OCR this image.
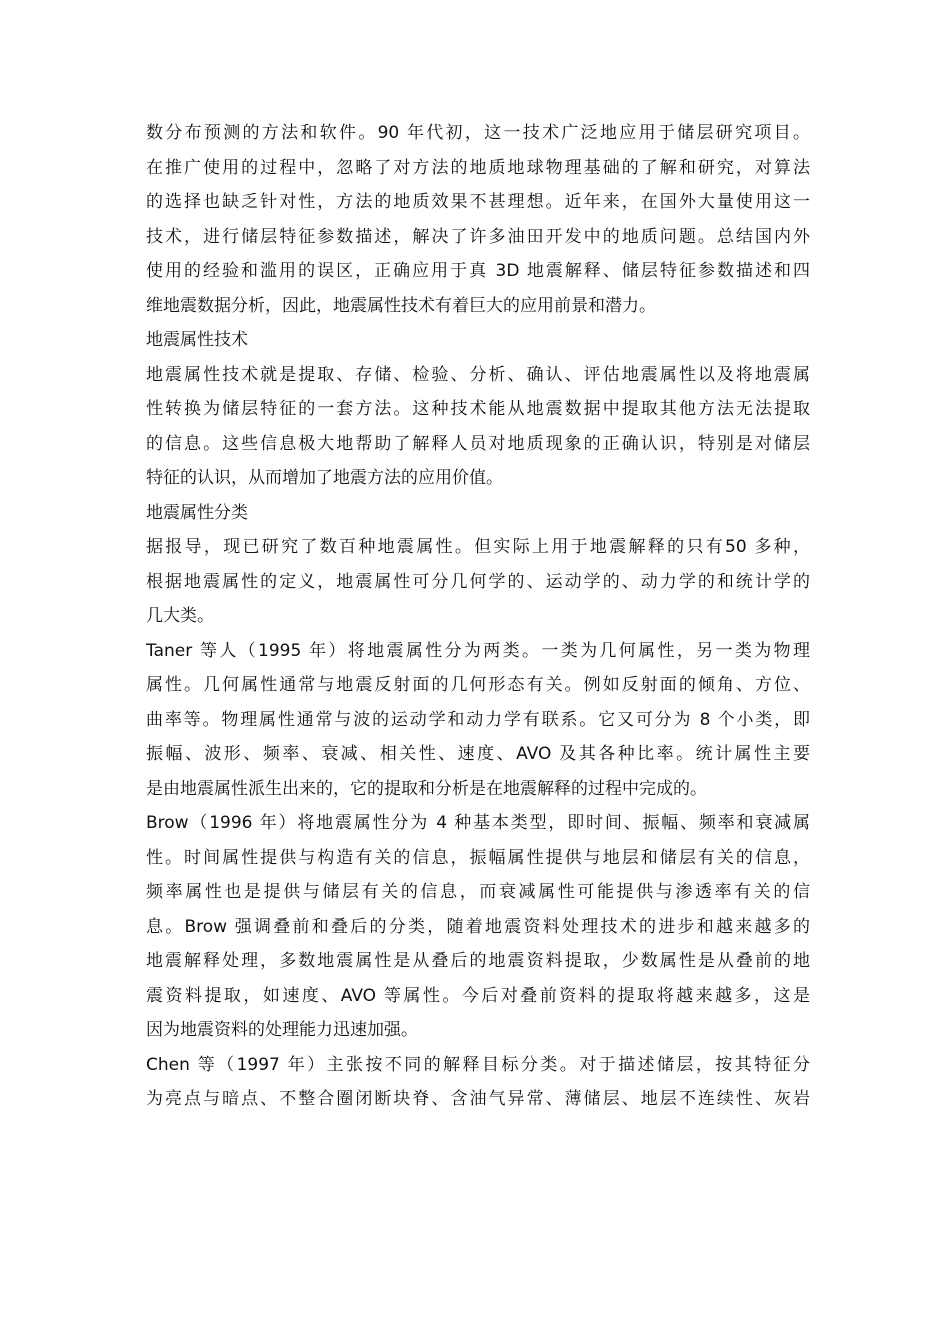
数分布预测的方法和软件。90 年代初，这一技术广泛地应用于储层研究项目。
在推广使用的过程中，忽略了对方法的地质地球物理基础的了解和研究，对算法
的选择也缺乏针对性，方法的地质效果不甚理想。近年来，在国外大量使用这一
技术，进行储层特征参数描述，解决了许多油田开发中的地质问题。总结国内外
使用的经验和滥用的误区，正确应用于真 3D 地震解释、储层特征参数描述和四
维地震数据分析，因此，地震属性技术有着巨大的应用前景和潜力。
地震属性技术
地震属性技术就是提取、存储、检验、分析、确认、评估地震属性以及将地震属
性转换为储层特征的一套方法。这种技术能从地震数据中提取其他方法无法提取
的信息。这些信息极大地帮助了解释人员对地质现象的正确认识，特别是对储层
特征的认识，从而增加了地震方法的应用价值。
地震属性分类
据报导，现已研究了数百种地震属性。但实际上用于地震解释的只有50 多种，
根据地震属性的定义，地震属性可分几何学的、运动学的、动力学的和统计学的
几大类。
Taner 等人（1995 年）将地震属性分为两类。一类为几何属性，另一类为物理
属性。几何属性通常与地震反射面的几何形态有关。例如反射面的倾角、方位、
曲率等。物理属性通常与波的运动学和动力学有联系。它又可分为 8 个小类，即
振幅、波形、频率、衰减、相关性、速度、AVO 及其各种比率。统计属性主要
是由地震属性派生出来的，它的提取和分析是在地震解释的过程中完成的。
Brow（1996 年）将地震属性分为 4 种基本类型，即时间、振幅、频率和衰减属
性。时间属性提供与构造有关的信息，振幅属性提供与地层和储层有关的信息，
频率属性也是提供与储层有关的信息，而衰减属性可能提供与渗透率有关的信
息。Brow 强调叠前和叠后的分类，随着地震资料处理技术的进步和越来越多的
地震解释处理，多数地震属性是从叠后的地震资料提取，少数属性是从叠前的地
震资料提取，如速度、AVO 等属性。今后对叠前资料的提取将越来越多，这是
因为地震资料的处理能力迅速加强。
Chen 等（1997 年）主张按不同的解释目标分类。对于描述储层，按其特征分
为亮点与暗点、不整合圈闭断块脊、含油气异常、薄储层、地层不连续性、灰岩
